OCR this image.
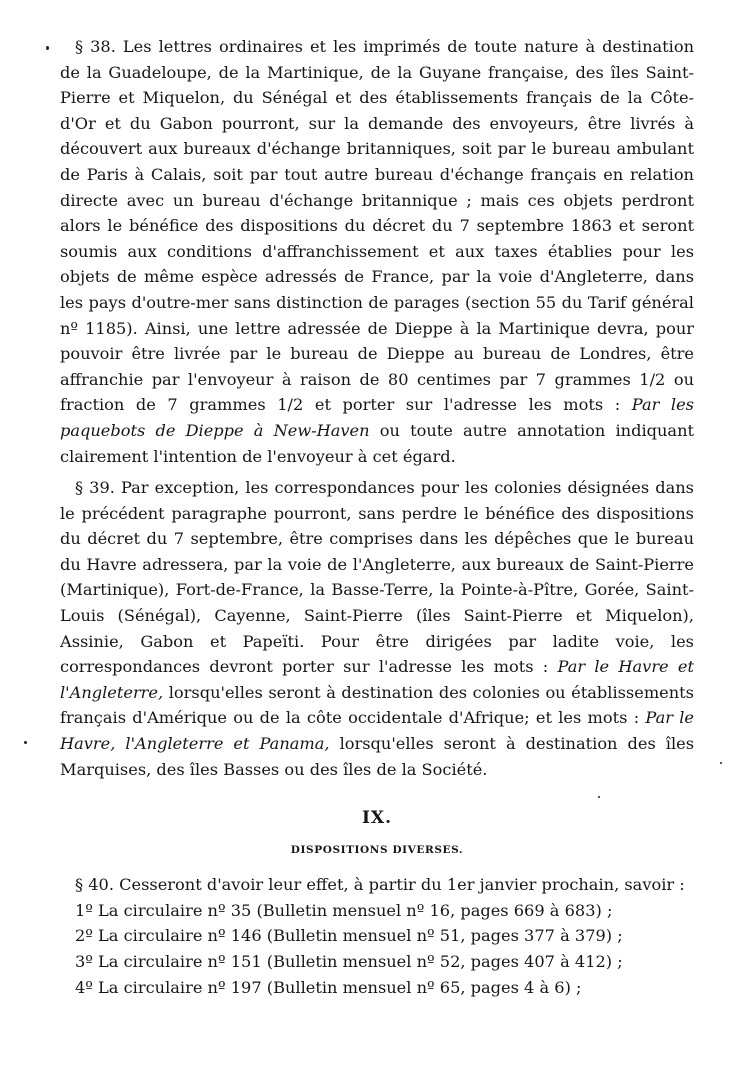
§ 38. Les lettres ordinaires et les imprimés de toute nature à destination de la Guadeloupe, de la Martinique, de la Guyane française, des îles Saint-Pierre et Miquelon, du Sénégal et des établissements français de la Côte-d'Or et du Gabon pourront, sur la demande des envoyeurs, être livrés à découvert aux bureaux d'échange britanniques, soit par le bureau ambulant de Paris à Calais, soit par tout autre bureau d'échange français en relation directe avec un bureau d'échange britannique ; mais ces objets perdront alors le bénéfice des dispositions du décret du 7 septembre 1863 et seront soumis aux conditions d'affranchissement et aux taxes établies pour les objets de même espèce adressés de France, par la voie d'Angleterre, dans les pays d'outre-mer sans distinction de parages (section 55 du Tarif général nº 1185). Ainsi, une lettre adressée de Dieppe à la Martinique devra, pour pouvoir être livrée par le bureau de Dieppe au bureau de Londres, être affranchie par l'envoyeur à raison de 80 centimes par 7 grammes 1/2 ou fraction de 7 grammes 1/2 et porter sur l'adresse les mots : Par les paquebots de Dieppe à New-Haven ou toute autre annotation indiquant clairement l'intention de l'envoyeur à cet égard.

§ 39. Par exception, les correspondances pour les colonies désignées dans le précédent paragraphe pourront, sans perdre le bénéfice des dispositions du décret du 7 septembre, être comprises dans les dépêches que le bureau du Havre adressera, par la voie de l'Angleterre, aux bureaux de Saint-Pierre (Martinique), Fort-de-France, la Basse-Terre, la Pointe-à-Pître, Gorée, Saint-Louis (Sénégal), Cayenne, Saint-Pierre (îles Saint-Pierre et Miquelon), Assinie, Gabon et Papeïti. Pour être dirigées par ladite voie, les correspondances devront porter sur l'adresse les mots : Par le Havre et l'Angleterre, lorsqu'elles seront à destination des colonies ou établissements français d'Amérique ou de la côte occidentale d'Afrique; et les mots : Par le Havre, l'Angleterre et Panama, lorsqu'elles seront à destination des îles Marquises, des îles Basses ou des îles de la Société.

IX.
DISPOSITIONS DIVERSES.

§ 40. Cesseront d'avoir leur effet, à partir du 1er janvier prochain, savoir :

1º La circulaire nº 35 (Bulletin mensuel nº 16, pages 669 à 683) ;

2º La circulaire nº 146 (Bulletin mensuel nº 51, pages 377 à 379) ;

3º La circulaire nº 151 (Bulletin mensuel nº 52, pages 407 à 412) ;

4º La circulaire nº 197 (Bulletin mensuel nº 65, pages 4 à 6) ;
